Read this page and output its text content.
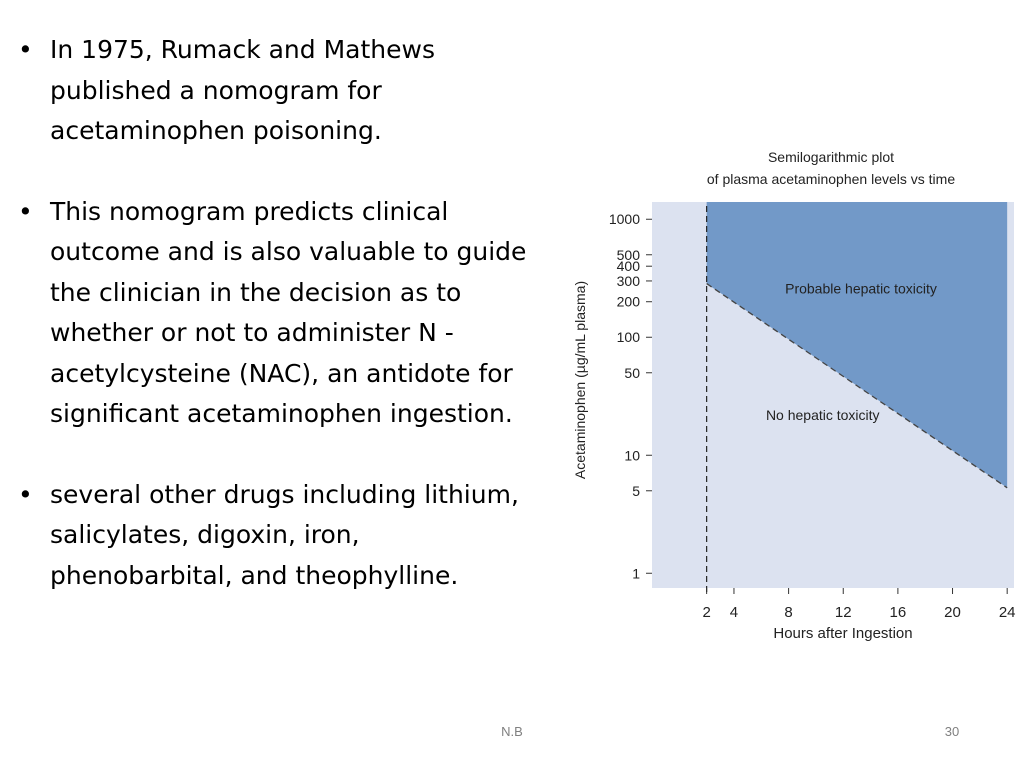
• In 1975, Rumack and Mathews published a nomogram for acetaminophen poisoning.
• This nomogram predicts clinical outcome and is also valuable to guide the clinician in the decision as to whether or not to administer N -acetylcysteine (NAC), an antidote for significant acetaminophen ingestion.
• several other drugs including lithium, salicylates, digoxin, iron, phenobarbital, and theophylline.
Semilogarithmic plot
of plasma acetaminophen levels vs time
1000
500
400
300
200
100
50
10
5
1
2 4	8	12	16	20	24
Probable hepatic toxicity
No hepatic toxicity
Hours after Ingestion
Acetaminophen (µg/mL plasma)
N.B	30
